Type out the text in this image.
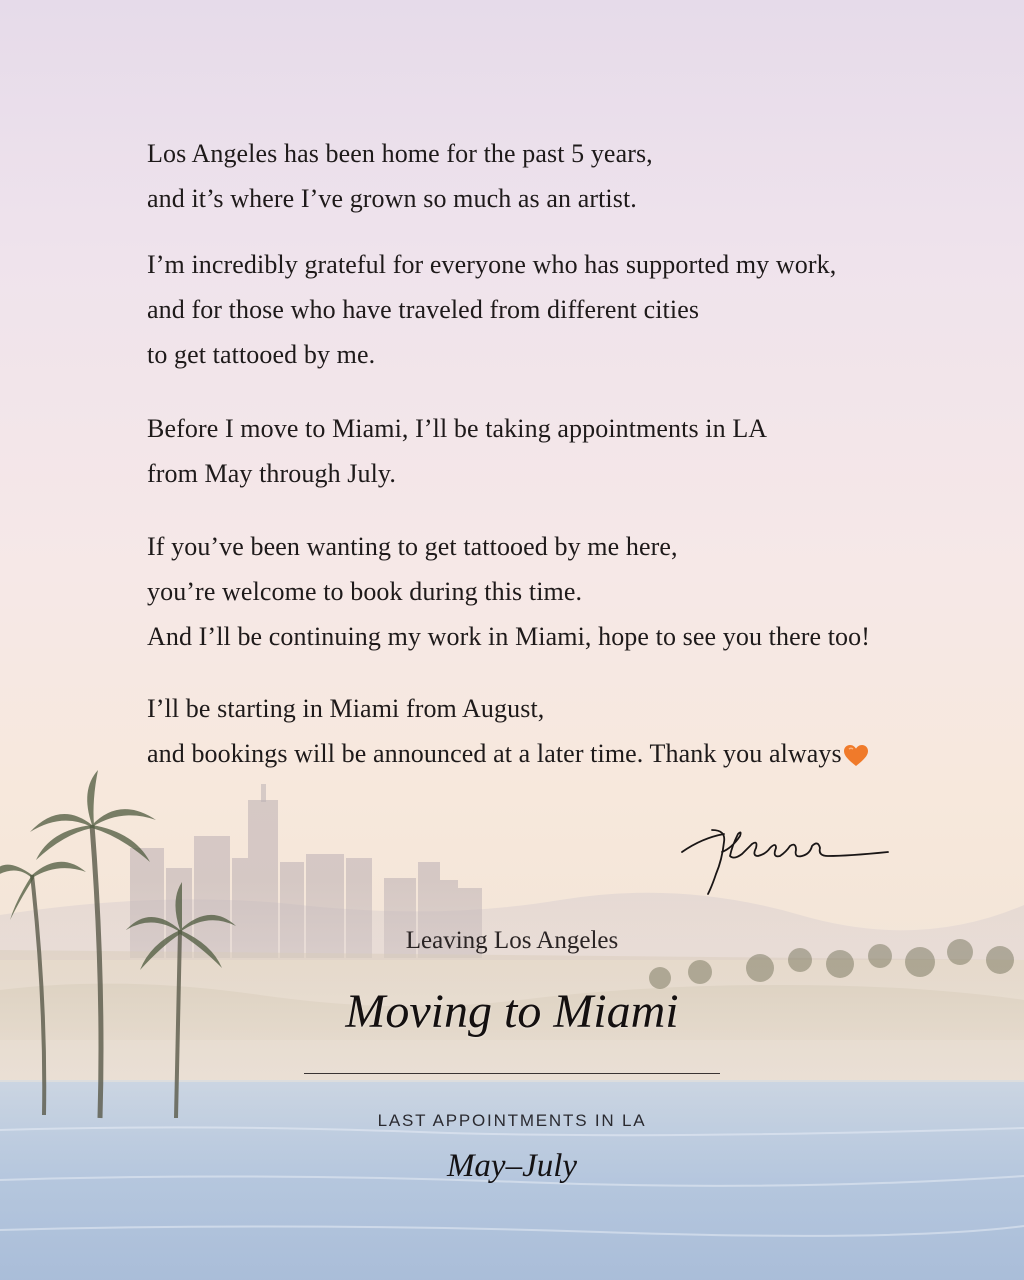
Los Angeles has been home for the past 5 years,
and it’s where I’ve grown so much as an artist.

I’m incredibly grateful for everyone who has supported my work,
and for those who have traveled from different cities
to get tattooed by me.

Before I move to Miami, I’ll be taking appointments in LA
from May through July.

If you’ve been wanting to get tattooed by me here,
you’re welcome to book during this time.
And I’ll be continuing my work in Miami, hope to see you there too!

I’ll be starting in Miami from August,
and bookings will be announced at a later time. Thank you always

Leaving Los Angeles
Moving to Miami
LAST APPOINTMENTS IN LA
May–July
